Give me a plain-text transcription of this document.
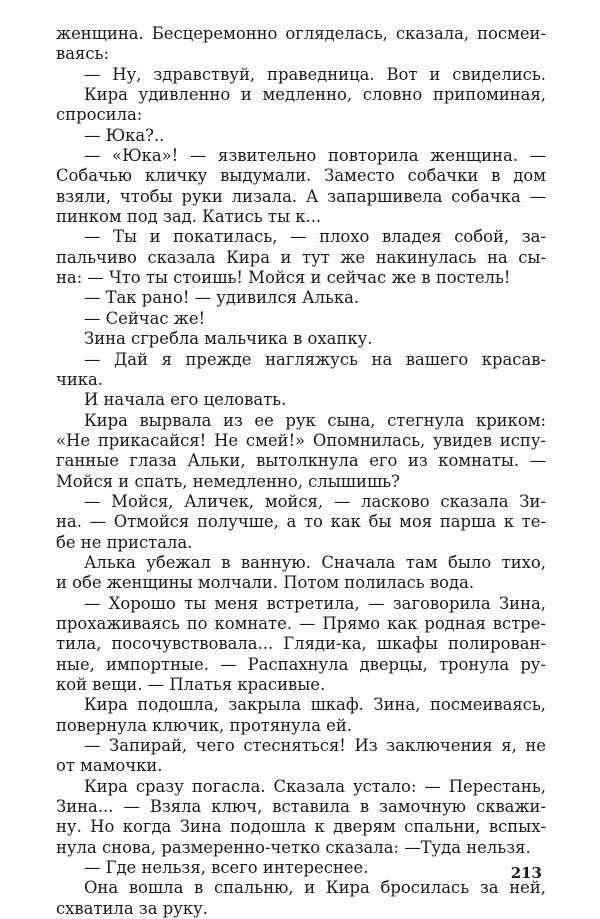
женщина. Бесцеремонно огляделась, сказала, посмеи-
ваясь:
— Ну, здравствуй, праведница. Вот и свиделись.
Кира удивленно и медленно, словно припоминая,
спросила:
— Юка?..
— «Юка»! — язвительно повторила женщина. —
Собачью кличку выдумали. Заместо собачки в дом
взяли, чтобы руки лизала. А запаршивела собачка —
пинком под зад. Катись ты к...
— Ты и покатилась, — плохо владея собой, за-
пальчиво сказала Кира и тут же накинулась на сы-
на: — Что ты стоишь! Мойся и сейчас же в постель!
— Так рано! — удивился Алька.
— Сейчас же!
Зина сгребла мальчика в охапку.
— Дай я прежде нагляжусь на вашего красав-
чика.
И начала его целовать.
Кира вырвала из ее рук сына, стегнула криком:
«Не прикасайся! Не смей!» Опомнилась, увидев испу-
ганные глаза Альки, вытолкнула его из комнаты. —
Мойся и спать, немедленно, слышишь?
— Мойся, Аличек, мойся, — ласково сказала Зи-
на. — Отмойся получше, а то как бы моя парша к те-
бе не пристала.
Алька убежал в ванную. Сначала там было тихо,
и обе женщины молчали. Потом полилась вода.
— Хорошо ты меня встретила, — заговорила Зина,
прохаживаясь по комнате. — Прямо как родная встре-
тила, посочувствовала... Гляди-ка, шкафы полирован-
ные, импортные. — Распахнула дверцы, тронула ру-
кой вещи. — Платья красивые.
Кира подошла, закрыла шкаф. Зина, посмеиваясь,
повернула ключик, протянула ей.
— Запирай, чего стесняться! Из заключения я, не
от мамочки.
Кира сразу погасла. Сказала устало: — Перестань,
Зина... — Взяла ключ, вставила в замочную скважи-
ну. Но когда Зина подошла к дверям спальни, вспых-
нула снова, размеренно-четко сказала: —Туда нельзя.
— Где нельзя, всего интереснее.
Она вошла в спальню, и Кира бросилась за ней,
схватила за руку.
213
